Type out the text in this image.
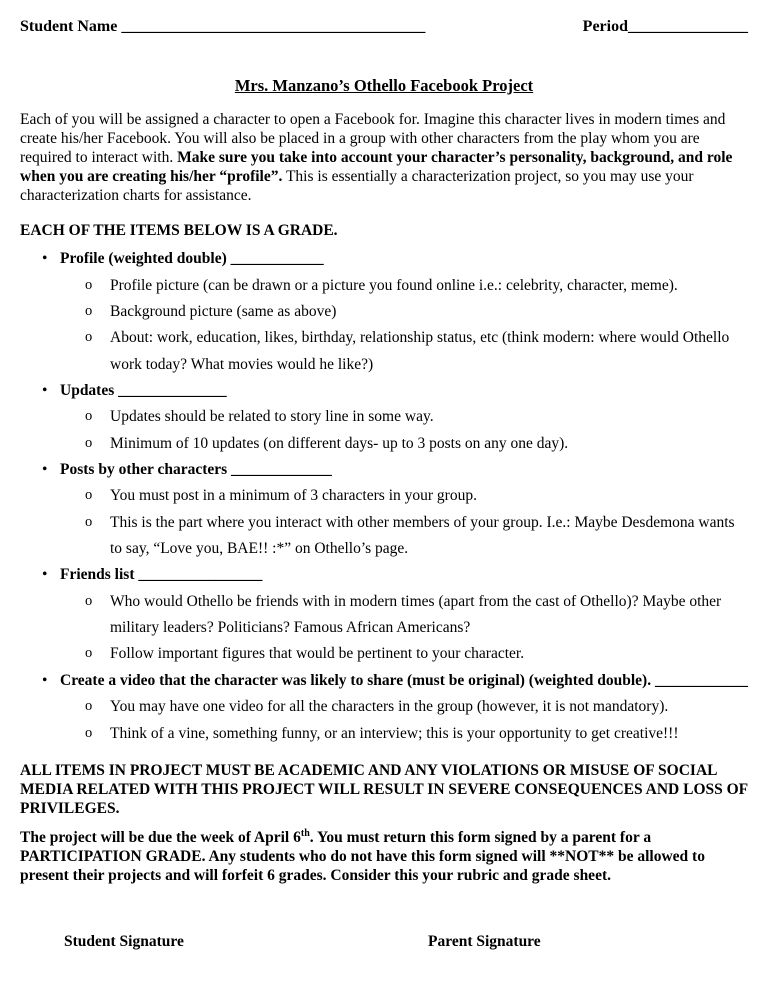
Student Name ______________________________________	Period_______________
Mrs. Manzano’s Othello Facebook Project

Each of you will be assigned a character to open a Facebook for. Imagine this character lives in modern times and create his/her Facebook. You will also be placed in a group with other characters from the play whom you are required to interact with. Make sure you take into account your character’s personality, background, and role when you are creating his/her “profile”. This is essentially a characterization project, so you may use your characterization charts for assistance.

EACH OF THE ITEMS BELOW IS A GRADE.

• Profile (weighted double) ____________
o	Profile picture (can be drawn or a picture you found online i.e.: celebrity, character, meme).
o	Background picture (same as above)
o	About: work, education, likes, birthday, relationship status, etc (think modern: where would Othello work today? What movies would he like?)
• Updates ______________
o	Updates should be related to story line in some way.
o	Minimum of 10 updates (on different days- up to 3 posts on any one day).
• Posts by other characters _____________
o	You must post in a minimum of 3 characters in your group.
o	This is the part where you interact with other members of your group. I.e.: Maybe Desdemona wants to say, “Love you, BAE!! :*” on Othello’s page.
• Friends list ________________
o	Who would Othello be friends with in modern times (apart from the cast of Othello)? Maybe other military leaders? Politicians? Famous African Americans?
o	Follow important figures that would be pertinent to your character.
• Create a video that the character was likely to share (must be original) (weighted double). ____________
o	You may have one video for all the characters in the group (however, it is not mandatory).
o	Think of a vine, something funny, or an interview; this is your opportunity to get creative!!!

ALL ITEMS IN PROJECT MUST BE ACADEMIC AND ANY VIOLATIONS OR MISUSE OF SOCIAL MEDIA RELATED WITH THIS PROJECT WILL RESULT IN SEVERE CONSEQUENCES AND LOSS OF PRIVILEGES.

The project will be due the week of April 6th. You must return this form signed by a parent for a PARTICIPATION GRADE. Any students who do not have this form signed will **NOT** be allowed to present their projects and will forfeit 6 grades. Consider this your rubric and grade sheet.

Student Signature	Parent Signature
